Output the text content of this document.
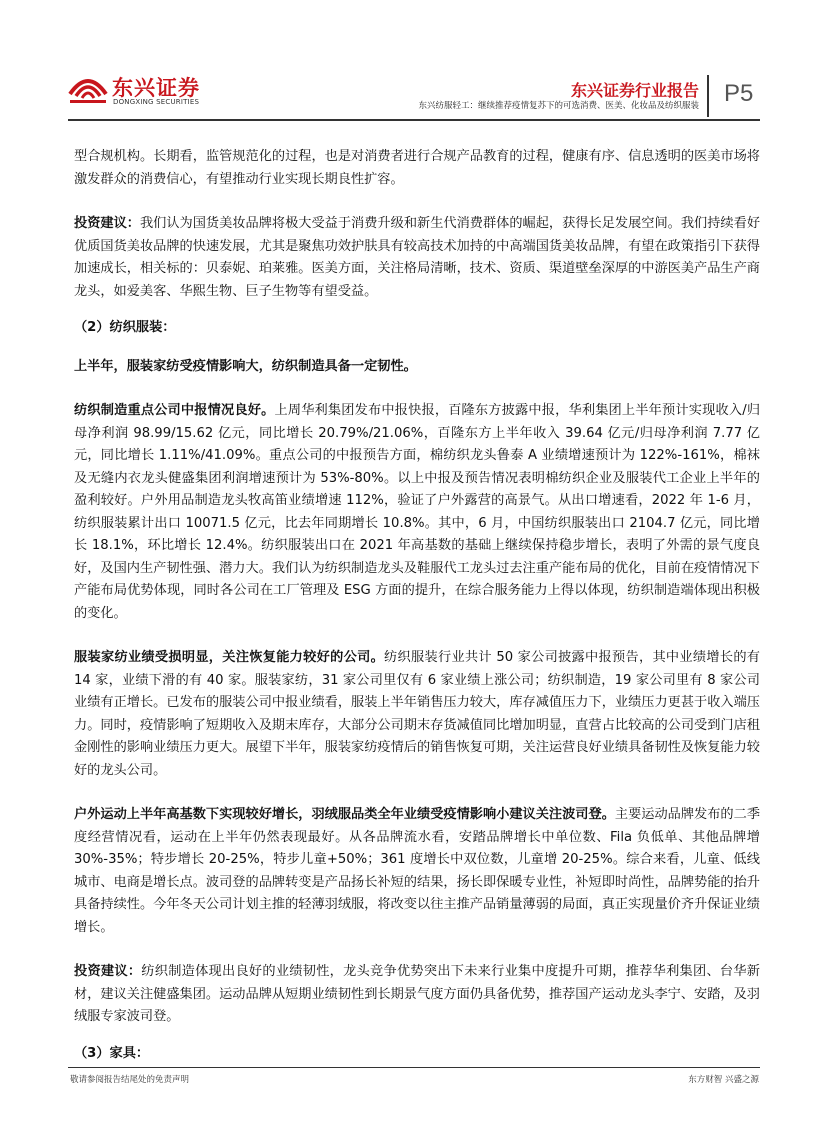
东兴证券
DONGXING SECURITIES
东兴证券行业报告
东兴纺服轻工：继续推荐疫情复苏下的可选消费、医美、化妆品及纺织服装 P5

型合规机构。长期看，监管规范化的过程，也是对消费者进行合规产品教育的过程，健康有序、信息透明的医美市场将激发群众的消费信心，有望推动行业实现长期良性扩容。

投资建议：我们认为国货美妆品牌将极大受益于消费升级和新生代消费群体的崛起，获得长足发展空间。我们持续看好优质国货美妆品牌的快速发展，尤其是聚焦功效护肤具有较高技术加持的中高端国货美妆品牌，有望在政策指引下获得加速成长，相关标的：贝泰妮、珀莱雅。医美方面，关注格局清晰，技术、资质、渠道壁垒深厚的中游医美产品生产商龙头，如爱美客、华熙生物、巨子生物等有望受益。

（2）纺织服装：

上半年，服装家纺受疫情影响大，纺织制造具备一定韧性。

纺织制造重点公司中报情况良好。上周华利集团发布中报快报，百隆东方披露中报，华利集团上半年预计实现收入/归母净利润 98.99/15.62 亿元，同比增长 20.79%/21.06%，百隆东方上半年收入 39.64 亿元/归母净利润 7.77 亿元，同比增长 1.11%/41.09%。重点公司的中报预告方面，棉纺织龙头鲁泰 A 业绩增速预计为 122%-161%，棉袜及无缝内衣龙头健盛集团利润增速预计为 53%-80%。以上中报及预告情况表明棉纺织企业及服装代工企业上半年的盈利较好。户外用品制造龙头牧高笛业绩增速 112%，验证了户外露营的高景气。从出口增速看，2022 年 1-6 月，纺织服装累计出口 10071.5 亿元，比去年同期增长 10.8%。其中，6 月，中国纺织服装出口 2104.7 亿元，同比增长 18.1%，环比增长 12.4%。纺织服装出口在 2021 年高基数的基础上继续保持稳步增长，表明了外需的景气度良好，及国内生产韧性强、潜力大。我们认为纺织制造龙头及鞋服代工龙头过去注重产能布局的优化，目前在疫情情况下产能布局优势体现，同时各公司在工厂管理及 ESG 方面的提升，在综合服务能力上得以体现，纺织制造端体现出积极的变化。

服装家纺业绩受损明显，关注恢复能力较好的公司。纺织服装行业共计 50 家公司披露中报预告，其中业绩增长的有 14 家，业绩下滑的有 40 家。服装家纺，31 家公司里仅有 6 家业绩上涨公司；纺织制造，19 家公司里有 8 家公司业绩有正增长。已发布的服装公司中报业绩看，服装上半年销售压力较大，库存减值压力下，业绩压力更甚于收入端压力。同时，疫情影响了短期收入及期末库存，大部分公司期末存货减值同比增加明显，直营占比较高的公司受到门店租金刚性的影响业绩压力更大。展望下半年，服装家纺疫情后的销售恢复可期，关注运营良好业绩具备韧性及恢复能力较好的龙头公司。

户外运动上半年高基数下实现较好增长，羽绒服品类全年业绩受疫情影响小建议关注波司登。主要运动品牌发布的二季度经营情况看，运动在上半年仍然表现最好。从各品牌流水看，安踏品牌增长中单位数、Fila 负低单、其他品牌增 30%-35%；特步增长 20-25%，特步儿童+50%；361 度增长中双位数，儿童增 20-25%。综合来看，儿童、低线城市、电商是增长点。波司登的品牌转变是产品扬长补短的结果，扬长即保暖专业性，补短即时尚性，品牌势能的抬升具备持续性。今年冬天公司计划主推的轻薄羽绒服，将改变以往主推产品销量薄弱的局面，真正实现量价齐升保证业绩增长。

投资建议：纺织制造体现出良好的业绩韧性，龙头竞争优势突出下未来行业集中度提升可期，推荐华利集团、台华新材，建议关注健盛集团。运动品牌从短期业绩韧性到长期景气度方面仍具备优势，推荐国产运动龙头李宁、安踏，及羽绒服专家波司登。

（3）家具：

敬请参阅报告结尾处的免责声明	东方财智 兴盛之源
